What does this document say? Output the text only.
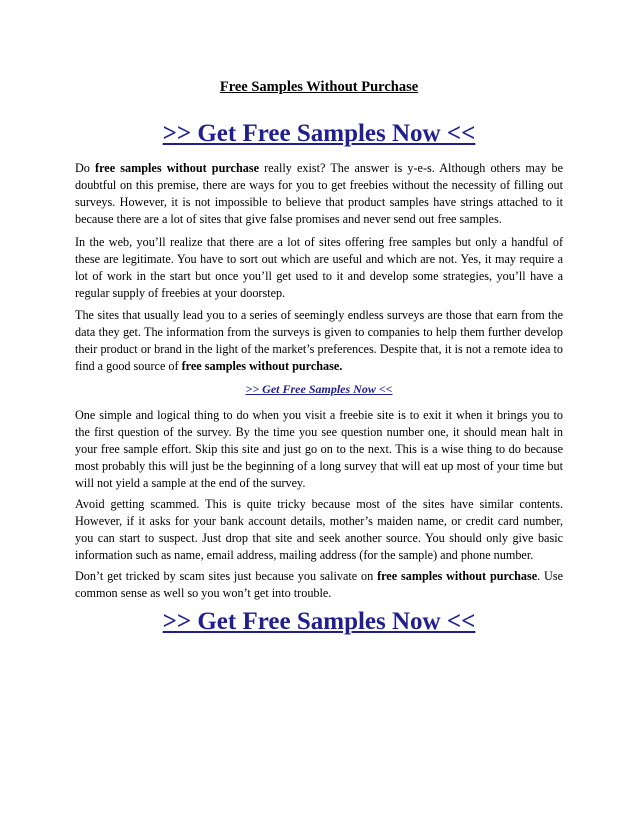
Free Samples Without Purchase

>> Get Free Samples Now <<

Do free samples without purchase really exist? The answer is y-e-s. Although others may be doubtful on this premise, there are ways for you to get freebies without the necessity of filling out surveys. However, it is not impossible to believe that product samples have strings attached to it because there are a lot of sites that give false promises and never send out free samples.

In the web, you’ll realize that there are a lot of sites offering free samples but only a handful of these are legitimate. You have to sort out which are useful and which are not. Yes, it may require a lot of work in the start but once you’ll get used to it and develop some strategies, you’ll have a regular supply of freebies at your doorstep.

The sites that usually lead you to a series of seemingly endless surveys are those that earn from the data they get. The information from the surveys is given to companies to help them further develop their product or brand in the light of the market’s preferences. Despite that, it is not a remote idea to find a good source of free samples without purchase.

>> Get Free Samples Now <<

One simple and logical thing to do when you visit a freebie site is to exit it when it brings you to the first question of the survey. By the time you see question number one, it should mean halt in your free sample effort. Skip this site and just go on to the next. This is a wise thing to do because most probably this will just be the beginning of a long survey that will eat up most of your time but will not yield a sample at the end of the survey.

Avoid getting scammed. This is quite tricky because most of the sites have similar contents. However, if it asks for your bank account details, mother’s maiden name, or credit card number, you can start to suspect. Just drop that site and seek another source. You should only give basic information such as name, email address, mailing address (for the sample) and phone number.

Don’t get tricked by scam sites just because you salivate on free samples without purchase. Use common sense as well so you won’t get into trouble.

>> Get Free Samples Now <<
